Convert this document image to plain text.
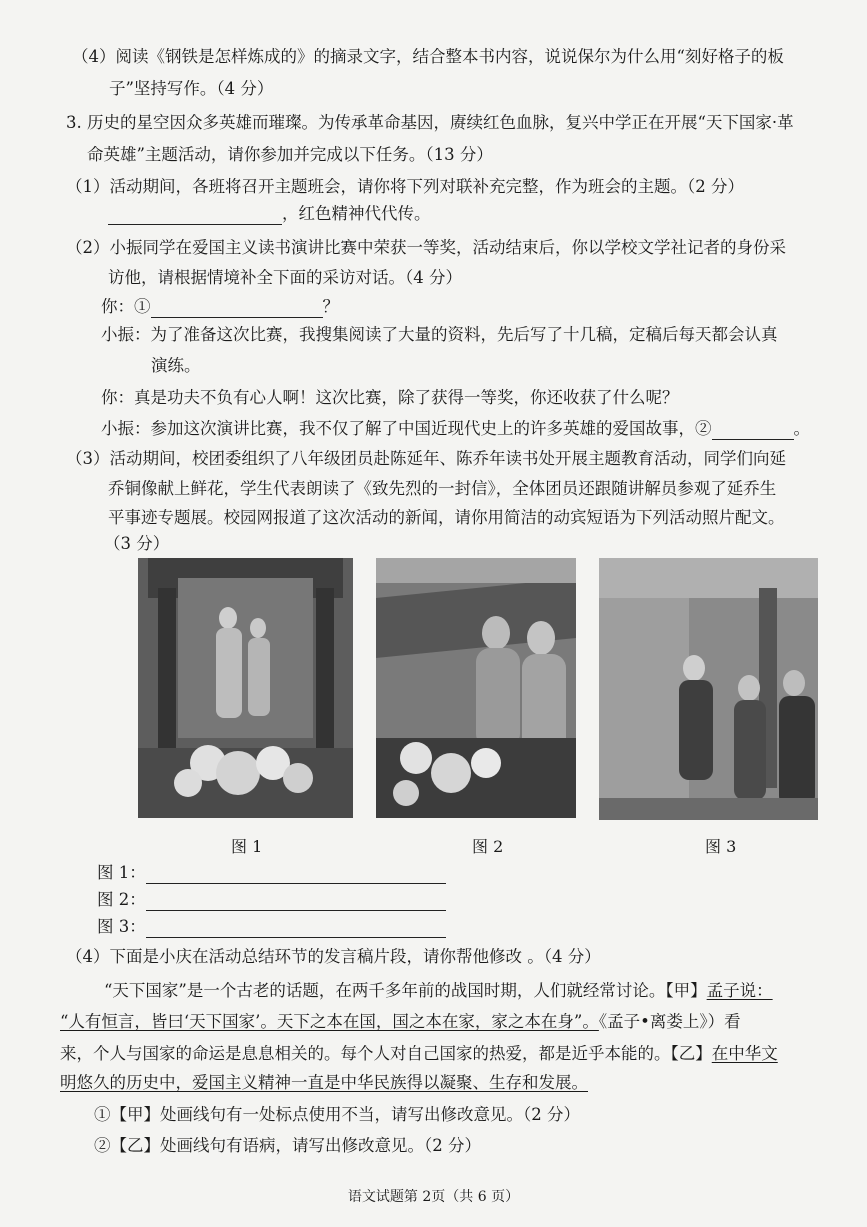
（4）阅读《钢铁是怎样炼成的》的摘录文字，结合整本书内容，说说保尔为什么用“刻好格子的板
子”坚持写作。（4 分）
3. 历史的星空因众多英雄而璀璨。为传承革命基因，赓续红色血脉，复兴中学正在开展“天下国家·革
命英雄”主题活动，请你参加并完成以下任务。（13 分）
（1）活动期间，各班将召开主题班会，请你将下列对联补充完整，作为班会的主题。（2 分）
，红色精神代代传。
（2）小振同学在爱国主义读书演讲比赛中荣获一等奖，活动结束后，你以学校文学社记者的身份采
访他，请根据情境补全下面的采访对话。（4 分）
你：①	？
小振：为了准备这次比赛，我搜集阅读了大量的资料，先后写了十几稿，定稿后每天都会认真
演练。
你：真是功夫不负有心人啊！这次比赛，除了获得一等奖，你还收获了什么呢？
小振：参加这次演讲比赛，我不仅了解了中国近现代史上的许多英雄的爱国故事，②	。
（3）活动期间，校团委组织了八年级团员赴陈延年、陈乔年读书处开展主题教育活动，同学们向延
乔铜像献上鲜花，学生代表朗读了《致先烈的一封信》，全体团员还跟随讲解员参观了延乔生
平事迹专题展。校园网报道了这次活动的新闻，请你用简洁的动宾短语为下列活动照片配文。
（3 分）
图 1	图 2	图 3
图 1：
图 2：
图 3：
（4）下面是小庆在活动总结环节的发言稿片段，请你帮他修改 。（4 分）
“天下国家”是一个古老的话题，在两千多年前的战国时期，人们就经常讨论。【甲】孟子说：
“人有恒言，皆曰‘天下国家’。天下之本在国，国之本在家，家之本在身”。《孟子•离娄上》）看
来，个人与国家的命运是息息相关的。每个人对自己国家的热爱，都是近乎本能的。【乙】在中华文
明悠久的历史中，爱国主义精神一直是中华民族得以凝聚、生存和发展。
①【甲】处画线句有一处标点使用不当，请写出修改意见。（2 分）
②【乙】处画线句有语病，请写出修改意见。（2 分）
语文试题第 2页（共 6 页）
